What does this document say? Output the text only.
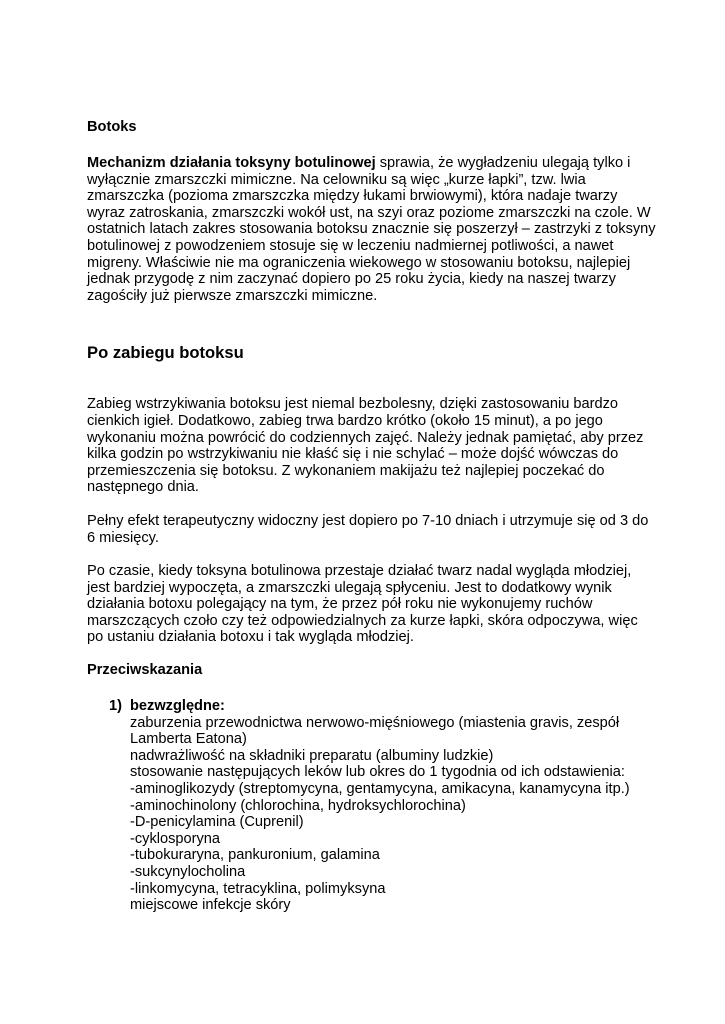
Botoks

Mechanizm działania toksyny botulinowej sprawia, że wygładzeniu ulegają tylko i wyłącznie zmarszczki mimiczne. Na celowniku są więc „kurze łapki”, tzw. lwia zmarszczka (pozioma zmarszczka między łukami brwiowymi), która nadaje twarzy wyraz zatroskania, zmarszczki wokół ust, na szyi oraz poziome zmarszczki na czole. W ostatnich latach zakres stosowania botoksu znacznie się poszerzył – zastrzyki z toksyny botulinowej z powodzeniem stosuje się w leczeniu nadmiernej potliwości, a nawet migreny. Właściwie nie ma ograniczenia wiekowego w stosowaniu botoksu, najlepiej jednak przygodę z nim zaczynać dopiero po 25 roku życia, kiedy na naszej twarzy zagościły już pierwsze zmarszczki mimiczne.

Po zabiegu botoksu

Zabieg wstrzykiwania botoksu jest niemal bezbolesny, dzięki zastosowaniu bardzo cienkich igieł. Dodatkowo, zabieg trwa bardzo krótko (około 15 minut), a po jego wykonaniu można powrócić do codziennych zajęć. Należy jednak pamiętać, aby przez kilka godzin po wstrzykiwaniu nie kłaść się i nie schylać – może dojść wówczas do przemieszczenia się botoksu. Z wykonaniem makijażu też najlepiej poczekać do następnego dnia.

Pełny efekt terapeutyczny widoczny jest dopiero po 7-10 dniach i utrzymuje się od 3 do 6 miesięcy.

Po czasie, kiedy toksyna botulinowa przestaje działać twarz nadal wygląda młodziej, jest bardziej wypoczęta, a zmarszczki ulegają spłyceniu. Jest to dodatkowy wynik działania botoxu polegający na tym, że przez pół roku nie wykonujemy ruchów marszczących czoło czy też odpowiedzialnych za kurze łapki, skóra odpoczywa, więc po ustaniu działania botoxu i tak wygląda młodziej.

Przeciwskazania

1) bezwzględne:
zaburzenia przewodnictwa nerwowo-mięśniowego (miastenia gravis, zespół Lamberta Eatona)
nadwrażliwość na składniki preparatu (albuminy ludzkie)
stosowanie następujących leków lub okres do 1 tygodnia od ich odstawienia:
-aminoglikozydy (streptomycyna, gentamycyna, amikacyna, kanamycyna itp.)
-aminochinolony (chlorochina, hydroksychlorochina)
-D-penicylamina (Cuprenil)
-cyklosporyna
-tubokuraryna, pankuronium, galamina
-sukcynylocholina
-linkomycyna, tetracyklina, polimyksyna
miejscowe infekcje skóry
